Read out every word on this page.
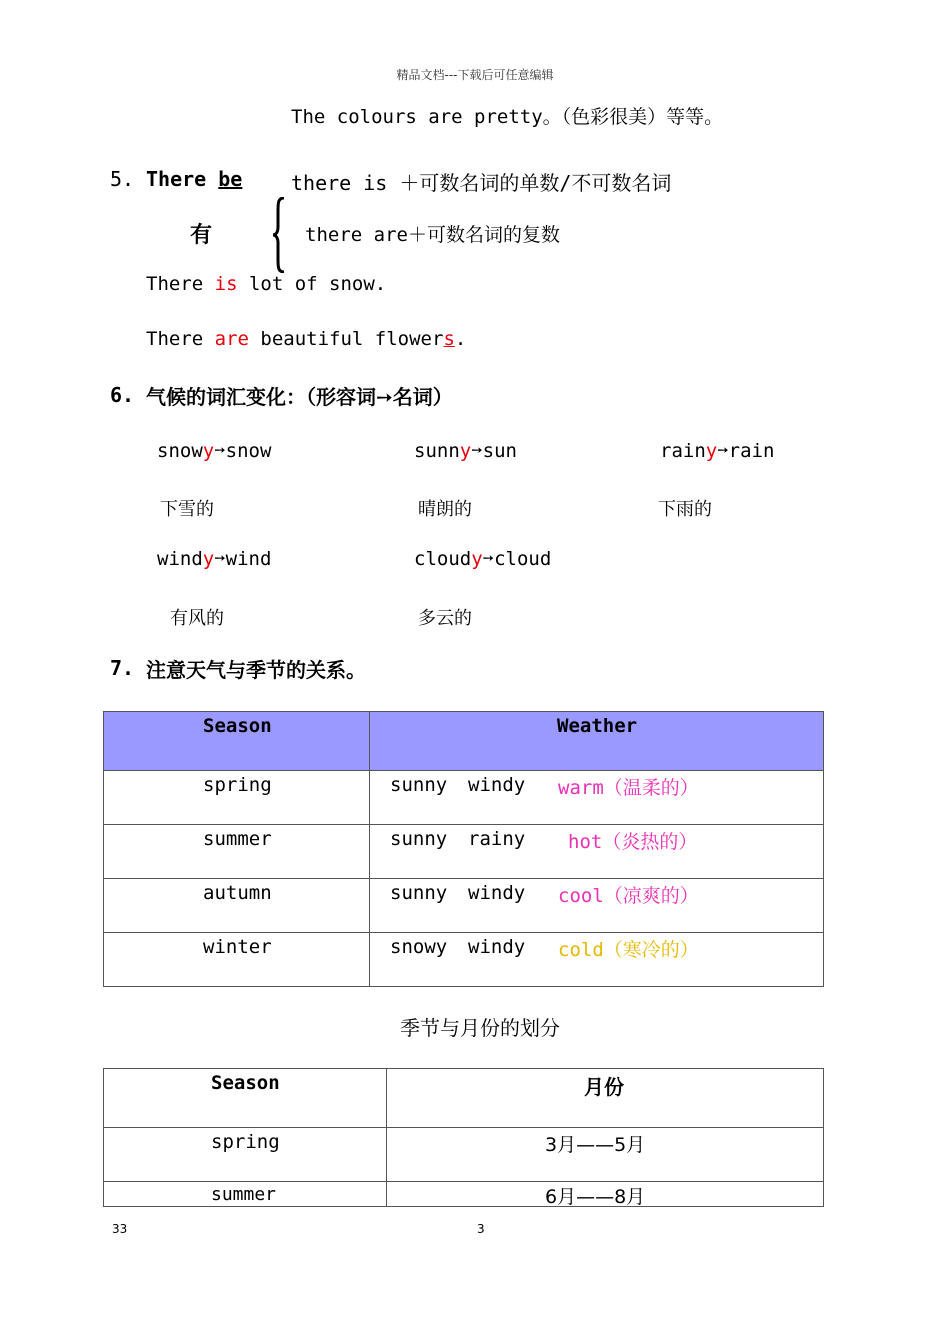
精品文档---下载后可任意编辑
The colours are pretty。（色彩很美）等等。
5. There be there is ＋可数名词的单数/不可数名词
有	there are＋可数名词的复数
There is lot of snow.
There are beautiful flowers.
6. 气候的词汇变化：（形容词➙名词）
snowy➙snow	sunny➙sun	rainy➙rain
下雪的	晴朗的	下雨的
windy➙wind	cloudy➙cloud
有风的	多云的
7. 注意天气与季节的关系。
Season	Weather

spring	sunny windy warm（温柔的）

summer	sunny rainy hot（炎热的）

autumn	sunny windy cool（凉爽的）

winter	snowy windy cold（寒冷的）
季节与月份的划分
Season	月份

spring	3月——5月

summer	6月——8月
33	3
